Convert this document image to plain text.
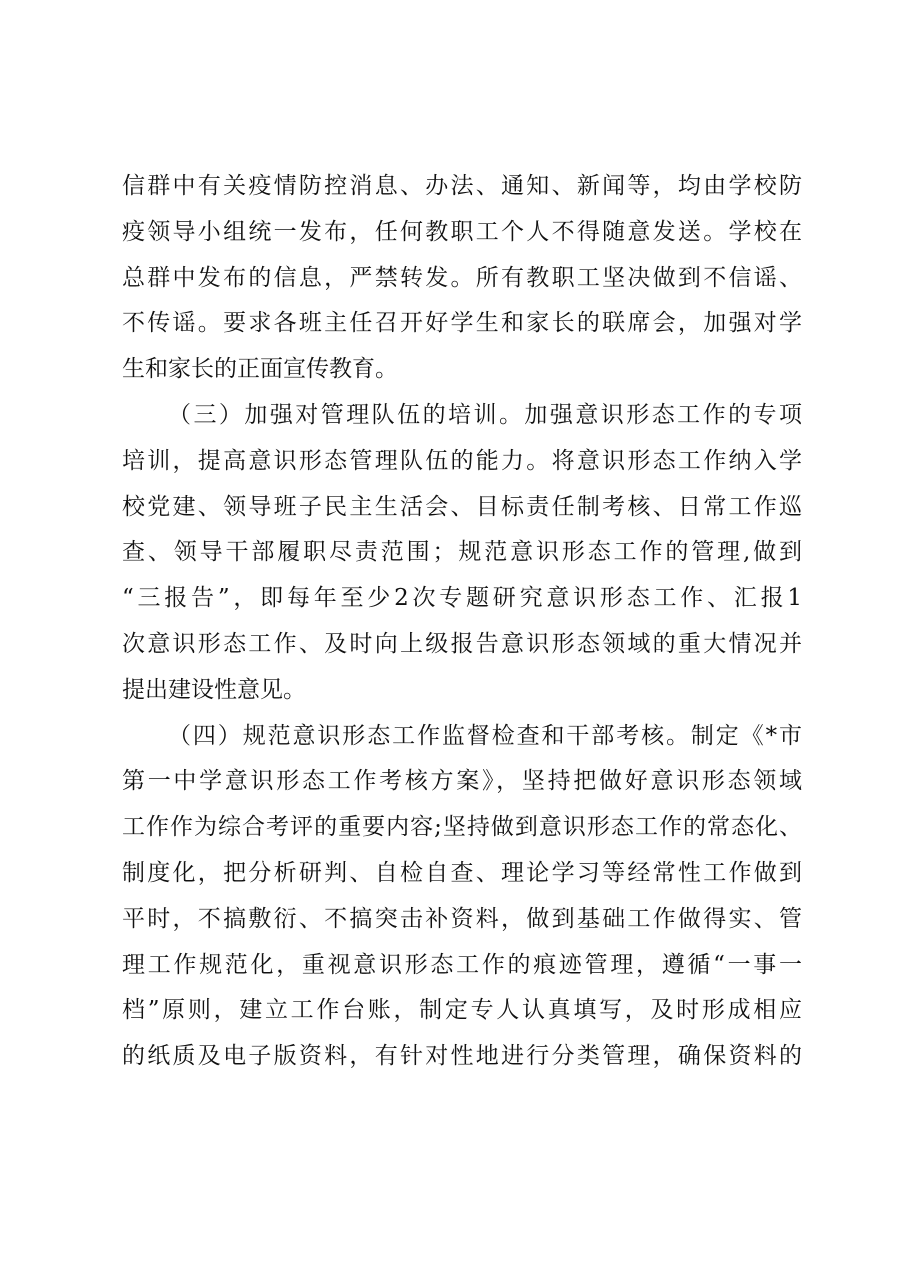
信群中有关疫情防控消息、办法、通知、新闻等，均由学校防
疫领导小组统一发布，任何教职工个人不得随意发送。学校在
总群中发布的信息，严禁转发。所有教职工坚决做到不信谣、
不传谣。要求各班主任召开好学生和家长的联席会，加强对学
生和家长的正面宣传教育。
（三）加强对管理队伍的培训。加强意识形态工作的专项
培训，提高意识形态管理队伍的能力。将意识形态工作纳入学
校党建、领导班子民主生活会、目标责任制考核、日常工作巡
查、领导干部履职尽责范围；规范意识形态工作的管理,做到
“三报告”，即每年至少2次专题研究意识形态工作、汇报1
次意识形态工作、及时向上级报告意识形态领域的重大情况并
提出建设性意见。
（四）规范意识形态工作监督检查和干部考核。制定《*市
第一中学意识形态工作考核方案》，坚持把做好意识形态领域
工作作为综合考评的重要内容;坚持做到意识形态工作的常态化、
制度化，把分析研判、自检自查、理论学习等经常性工作做到
平时，不搞敷衍、不搞突击补资料，做到基础工作做得实、管
理工作规范化，重视意识形态工作的痕迹管理，遵循“一事一
档”原则，建立工作台账，制定专人认真填写，及时形成相应
的纸质及电子版资料，有针对性地进行分类管理，确保资料的
